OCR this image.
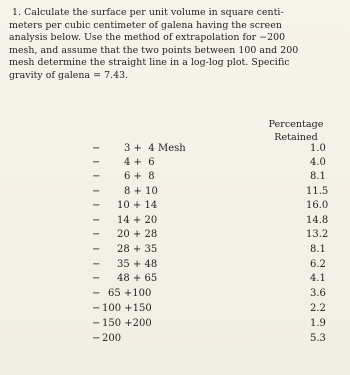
1. Calculate the surface per unit volume in square centi-
meters per cubic centimeter of galena having the screen
analysis below. Use the method of extrapolation for −200
mesh, and assume that the two points between 100 and 200
mesh determine the straight line in a log-log plot. Specific
gravity of galena = 7.43.
Mesh
Percentage
Retained
− 3 +  4	1.0
− 4 +  6	4.0
− 6 +  8	8.1
− 8 + 10	11.5
− 10 + 14	16.0
− 14 + 20	14.8
− 20 + 28	13.2
− 28 + 35	8.1
− 35 + 48	6.2
− 48 + 65	4.1
− 65 +100	3.6
− 100 +150	2.2
− 150 +200	1.9
− 200	5.3
